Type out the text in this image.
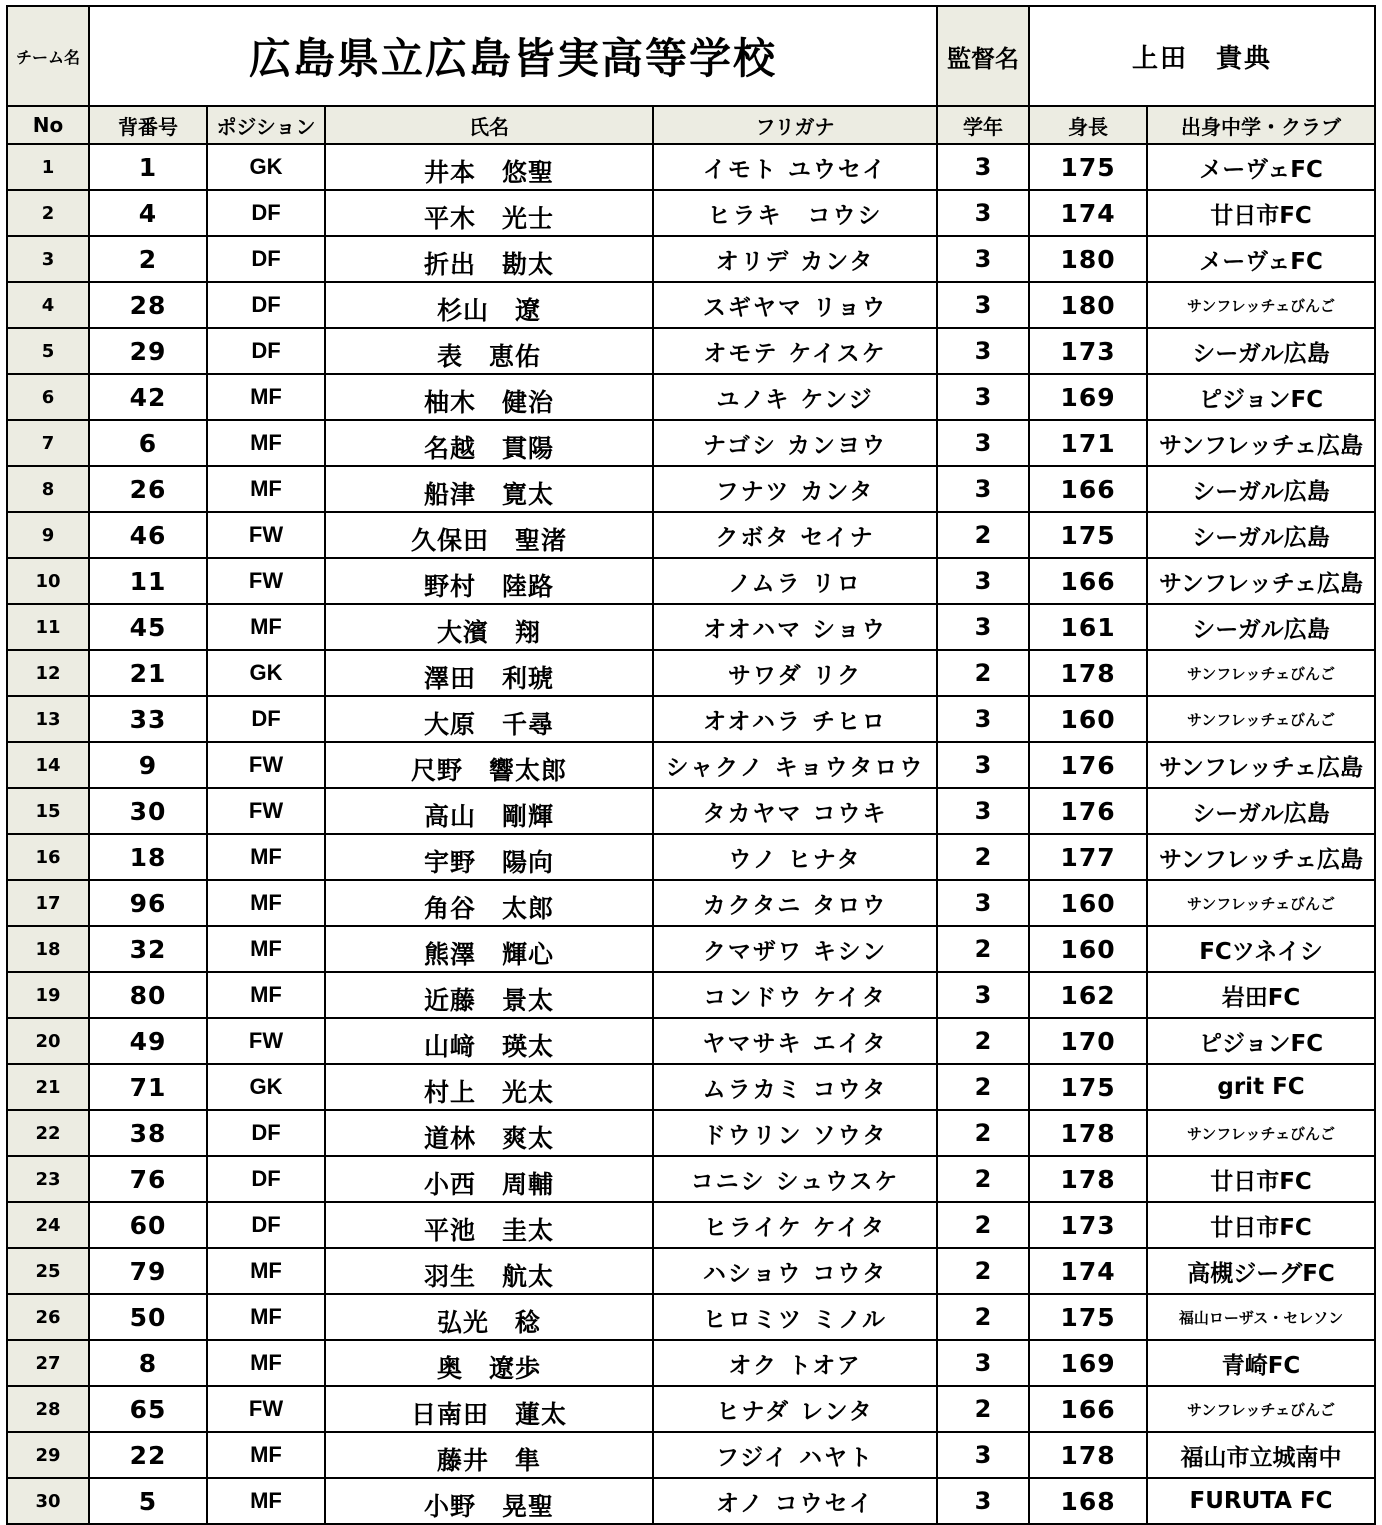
チーム名	広島県立広島皆実高等学校				監督名	上田　貴典	
No	背番号	ポジション	氏名	フリガナ	学年	身長	出身中学・クラブ
1	1	GK	井本　悠聖	イモト ユウセイ	3	175	メーヴェFC
2	4	DF	平木　光士	ヒラキ　コウシ	3	174	廿日市FC
3	2	DF	折出　勘太	オリデ カンタ	3	180	メーヴェFC
4	28	DF	杉山　遼	スギヤマ リョウ	3	180	サンフレッチェびんご
5	29	DF	表　恵佑	オモテ ケイスケ	3	173	シーガル広島
6	42	MF	柚木　健治	ユノキ ケンジ	3	169	ピジョンFC
7	6	MF	名越　貫陽	ナゴシ カンヨウ	3	171	サンフレッチェ広島
8	26	MF	船津　寛太	フナツ カンタ	3	166	シーガル広島
9	46	FW	久保田　聖渚	クボタ セイナ	2	175	シーガル広島
10	11	FW	野村　陸路	ノムラ リロ	3	166	サンフレッチェ広島
11	45	MF	大濱　翔	オオハマ ショウ	3	161	シーガル広島
12	21	GK	澤田　利琥	サワダ リク	2	178	サンフレッチェびんご
13	33	DF	大原　千尋	オオハラ チヒロ	3	160	サンフレッチェびんご
14	9	FW	尺野　響太郎	シャクノ キョウタロウ	3	176	サンフレッチェ広島
15	30	FW	高山　剛輝	タカヤマ コウキ	3	176	シーガル広島
16	18	MF	宇野　陽向	ウノ ヒナタ	2	177	サンフレッチェ広島
17	96	MF	角谷　太郎	カクタニ タロウ	3	160	サンフレッチェびんご
18	32	MF	熊澤　輝心	クマザワ キシン	2	160	FCツネイシ
19	80	MF	近藤　景太	コンドウ ケイタ	3	162	岩田FC
20	49	FW	山﨑　瑛太	ヤマサキ エイタ	2	170	ピジョンFC
21	71	GK	村上　光太	ムラカミ コウタ	2	175	grit FC
22	38	DF	道林　爽太	ドウリン ソウタ	2	178	サンフレッチェびんご
23	76	DF	小西　周輔	コニシ シュウスケ	2	178	廿日市FC
24	60	DF	平池　圭太	ヒライケ ケイタ	2	173	廿日市FC
25	79	MF	羽生　航太	ハショウ コウタ	2	174	高槻ジーグFC
26	50	MF	弘光　稔	ヒロミツ ミノル	2	175	福山ローザス・セレソン
27	8	MF	奥　遼歩	オク トオア	3	169	青崎FC
28	65	FW	日南田　蓮太	ヒナダ レンタ	2	166	サンフレッチェびんご
29	22	MF	藤井　隼	フジイ ハヤト	3	178	福山市立城南中
30	5	MF	小野　晃聖	オノ コウセイ	3	168	FURUTA FC
